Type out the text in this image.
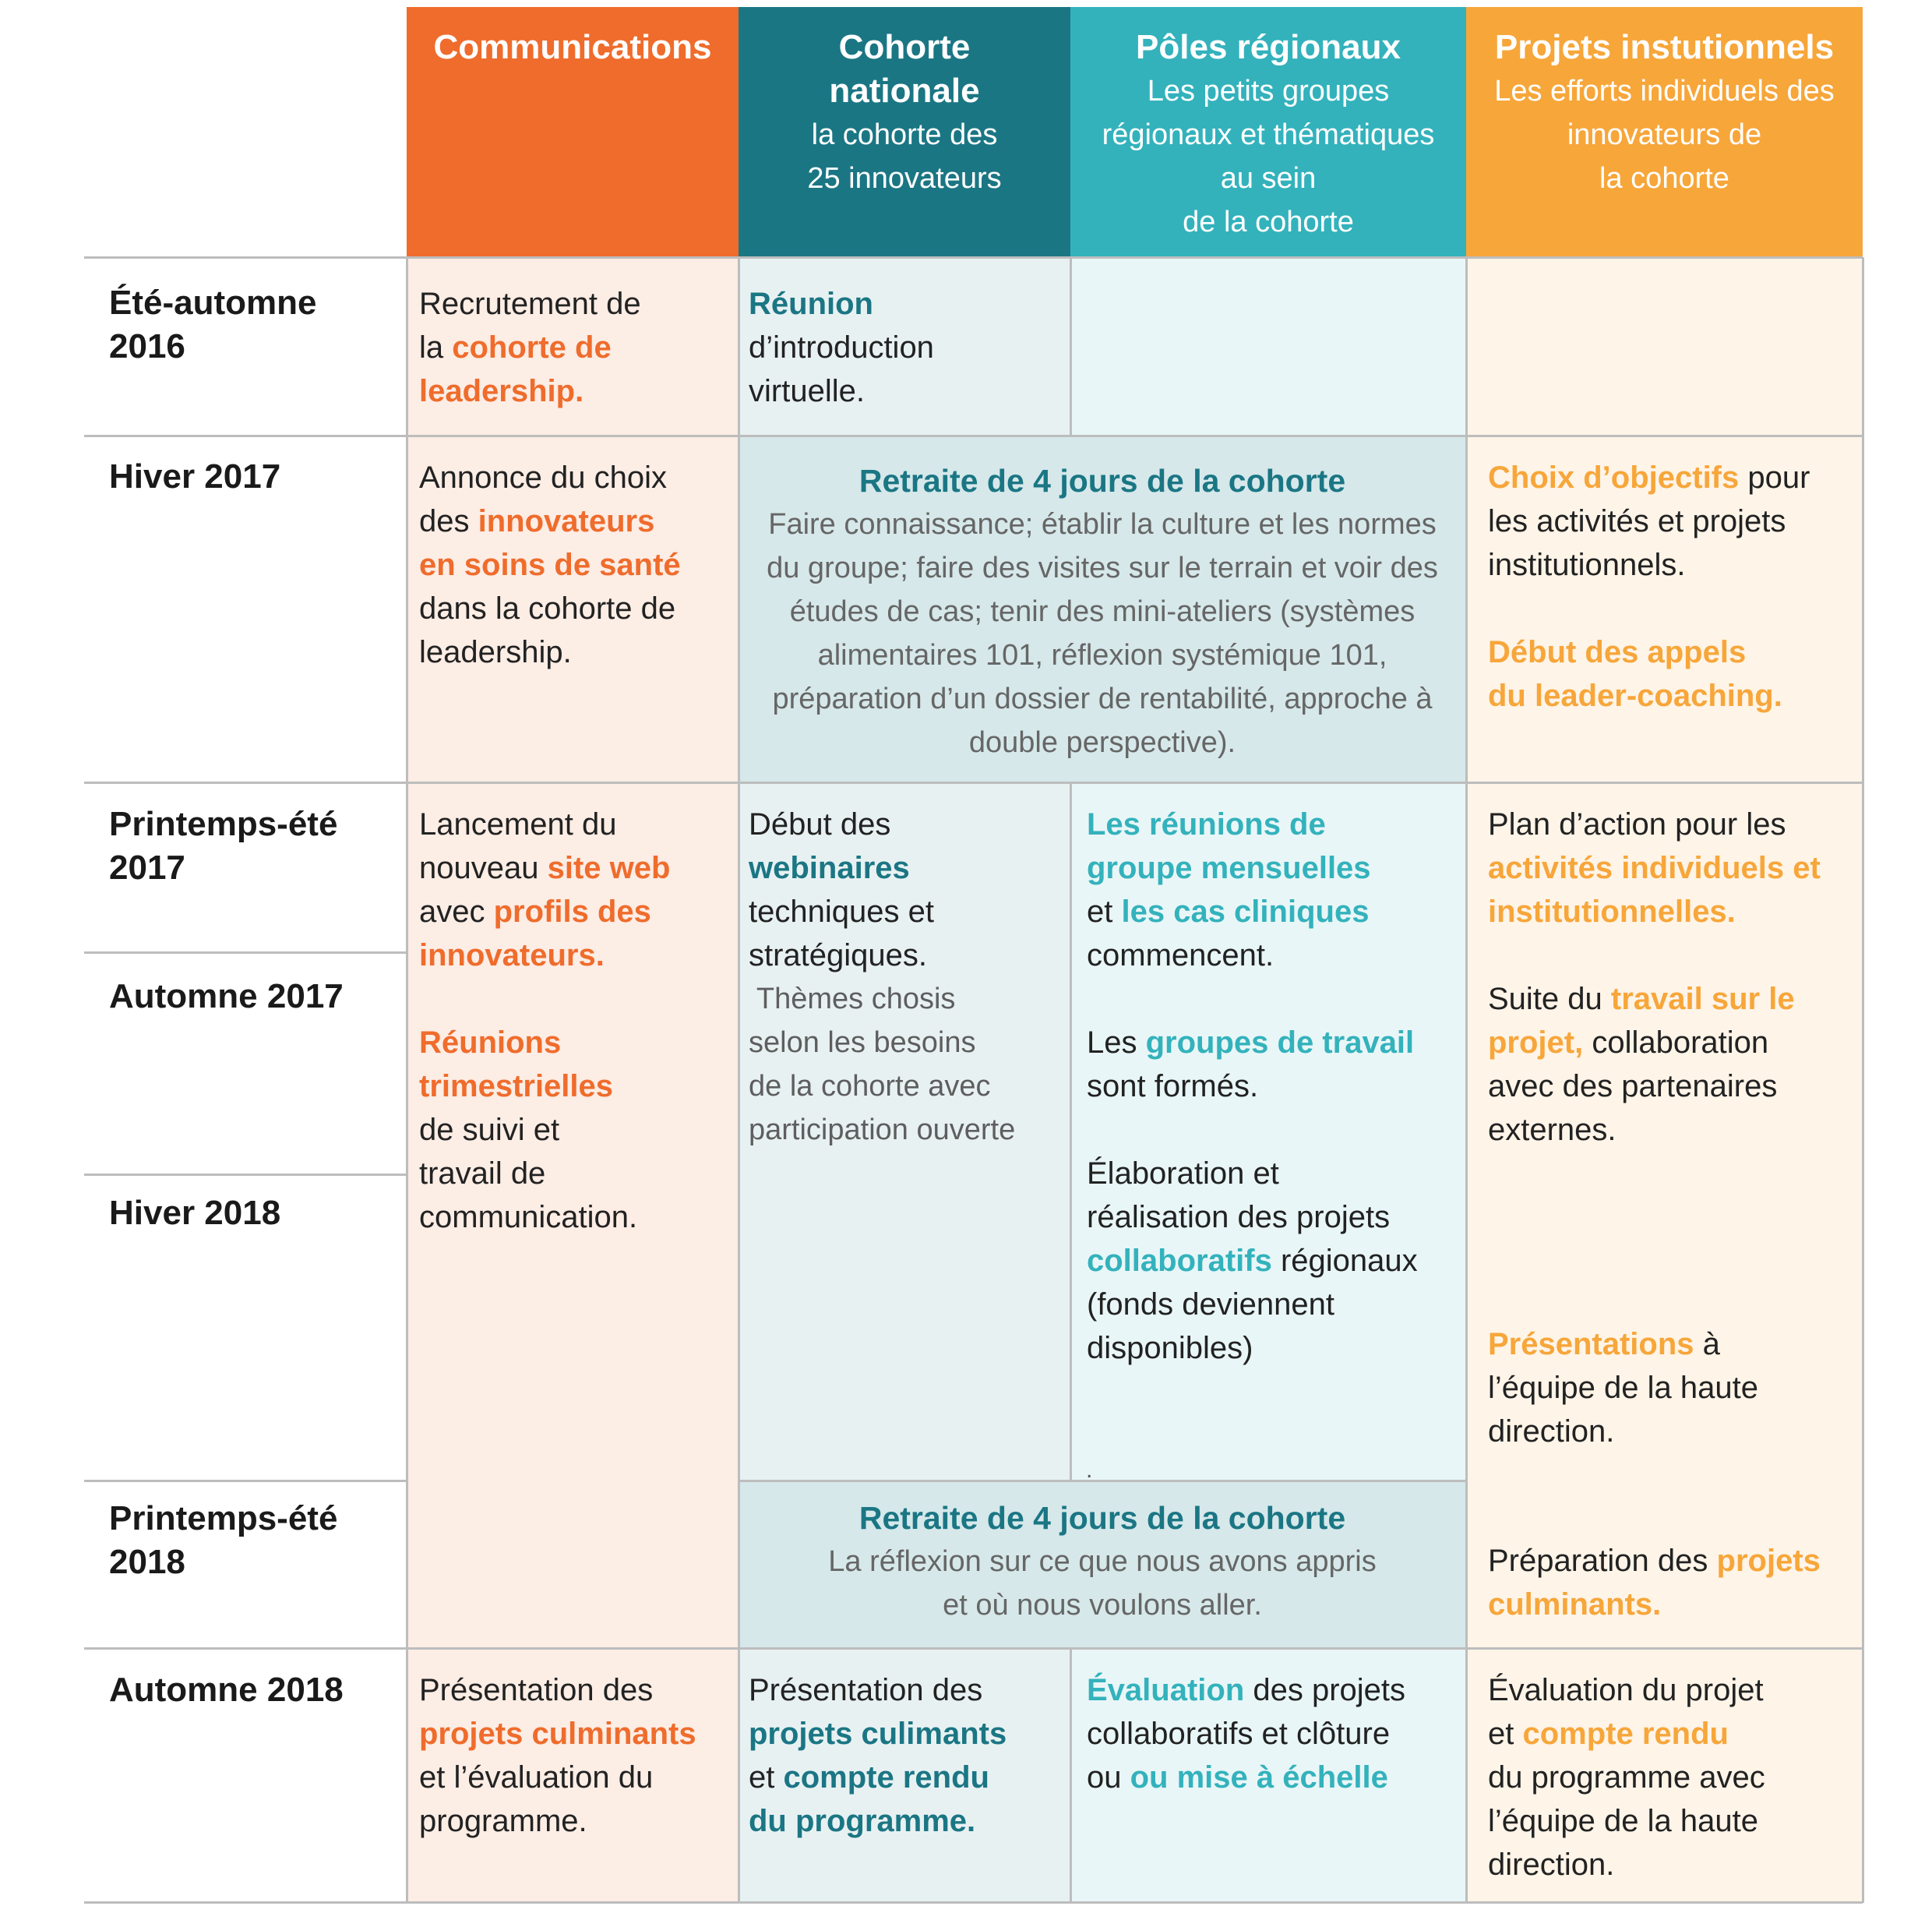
Communications	Cohorte
nationale
la cohorte des
25 innovateurs
Pôles régionaux
Les petits groupes
régionaux et thématiques
au sein
de la cohorte
Projets instutionnels
Les efforts individuels des
innovateurs de
la cohorte
Été-automne
2016
Hiver 2017
Printemps-été
2017
Automne 2017
Hiver 2018
Printemps-été
2018
Automne 2018
Recrutement de
la cohorte de
leadership.
Réunion
d’introduction
virtuelle.
Annonce du choix
des innovateurs
en soins de santé
dans la cohorte de
leadership.
Retraite de 4 jours de la cohorte
Faire connaissance; établir la culture et les normes
du groupe; faire des visites sur le terrain et voir des
études de cas; tenir des mini-ateliers (systèmes
alimentaires 101, réflexion systémique 101,
préparation d’un dossier de rentabilité, approche à
double perspective).
Choix d’objectifs pour
les activités et projets
institutionnels.
Début des appels
du leader-coaching.
Lancement du
nouveau site web
avec profils des
innovateurs.
Réunions
trimestrielles
de suivi et
travail de
communication.
Début des
webinaires
techniques et
stratégiques.
Thèmes chosis
selon les besoins
de la cohorte avec
participation ouverte
Les réunions de
groupe mensuelles
et les cas cliniques
commencent.
Les groupes de travail
sont formés.
Élaboration et
réalisation des projets
collaboratifs régionaux
(fonds deviennent
disponibles)
.
Plan d’action pour les
activités individuels et
institutionnelles.
Suite du travail sur le
projet, collaboration
avec des partenaires
externes.
Présentations à
l’équipe de la haute
direction.
Préparation des projets
culminants.
Retraite de 4 jours de la cohorte
La réflexion sur ce que nous avons appris
et où nous voulons aller.
Présentation des
projets culminants
et l’évaluation du
programme.
Présentation des
projets culimants
et compte rendu
du programme.
Évaluation des projets
collaboratifs et clôture
ou ou mise à échelle
Évaluation du projet
et compte rendu
du programme avec
l’équipe de la haute
direction.
